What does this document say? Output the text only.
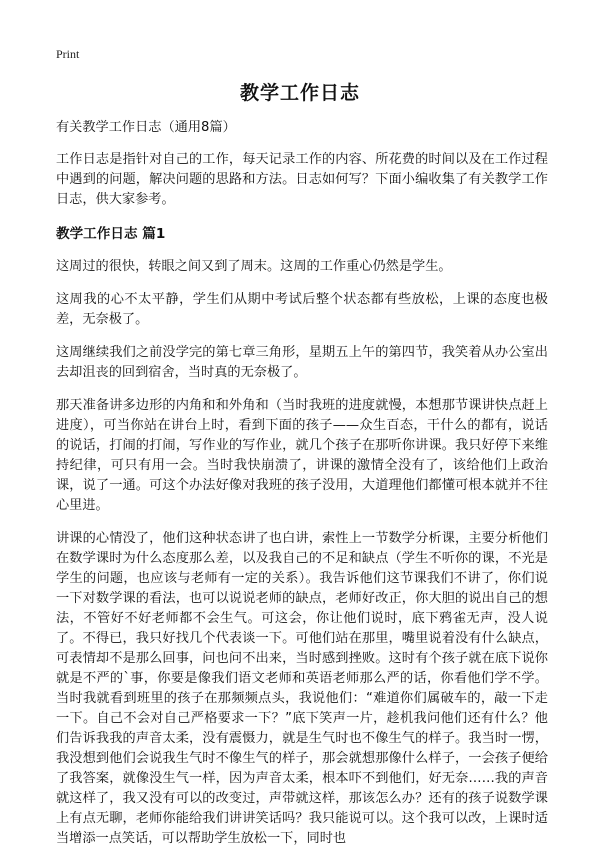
Print
教学工作日志

有关教学工作日志（通用8篇）

工作日志是指针对自己的工作，每天记录工作的内容、所花费的时间以及在工作过程中遇到的问题，解决问题的思路和方法。日志如何写？下面小编收集了有关教学工作日志，供大家参考。

教学工作日志 篇1

这周过的很快，转眼之间又到了周末。这周的工作重心仍然是学生。

这周我的心不太平静，学生们从期中考试后整个状态都有些放松，上课的态度也极差，无奈极了。

这周继续我们之前没学完的第七章三角形，星期五上午的第四节，我笑着从办公室出去却沮丧的回到宿舍，当时真的无奈极了。

那天准备讲多边形的内角和和外角和（当时我班的进度就慢，本想那节课讲快点赶上进度），可当你站在讲台上时，看到下面的孩子——众生百态，干什么的都有，说话的说话，打闹的打闹，写作业的写作业，就几个孩子在那听你讲课。我只好停下来维持纪律，可只有用一会。当时我快崩溃了，讲课的激情全没有了，该给他们上政治课，说了一通。可这个办法好像对我班的孩子没用，大道理他们都懂可根本就并不往心里进。

讲课的心情没了，他们这种状态讲了也白讲，索性上一节数学分析课，主要分析他们在数学课时为什么态度那么差，以及我自己的不足和缺点（学生不听你的课，不光是学生的问题，也应该与老师有一定的关系）。我告诉他们这节课我们不讲了，你们说一下对数学课的看法，也可以说说老师的缺点，老师好改正，你大胆的说出自己的想法，不管好不好老师都不会生气。可这会，你让他们说时，底下鸦雀无声，没人说了。不得已，我只好找几个代表谈一下。可他们站在那里，嘴里说着没有什么缺点，可表情却不是那么回事，问也问不出来，当时感到挫败。这时有个孩子就在底下说你就是不严的`事，你要是像我们语文老师和英语老师那么严的话，你看他们学不学。当时我就看到班里的孩子在那频频点头，我说他们：“难道你们属破车的，敲一下走一下。自己不会对自己严格要求一下？”底下笑声一片，趁机我问他们还有什么？他们告诉我我的声音太柔，没有震慑力，就是生气时也不像生气的样子。我当时一愣，我没想到他们会说我生气时不像生气的样子，那会就想那像什么样子，一会孩子便给了我答案，就像没生气一样，因为声音太柔，根本吓不到他们，好无奈……我的声音就这样了，我又没有可以的改变过，声带就这样，那该怎么办？还有的孩子说数学课上有点无聊，老师你能给我们讲讲笑话吗？我只能说可以。这个我可以改，上课时适当增添一点笑话，可以帮助学生放松一下，同时也
